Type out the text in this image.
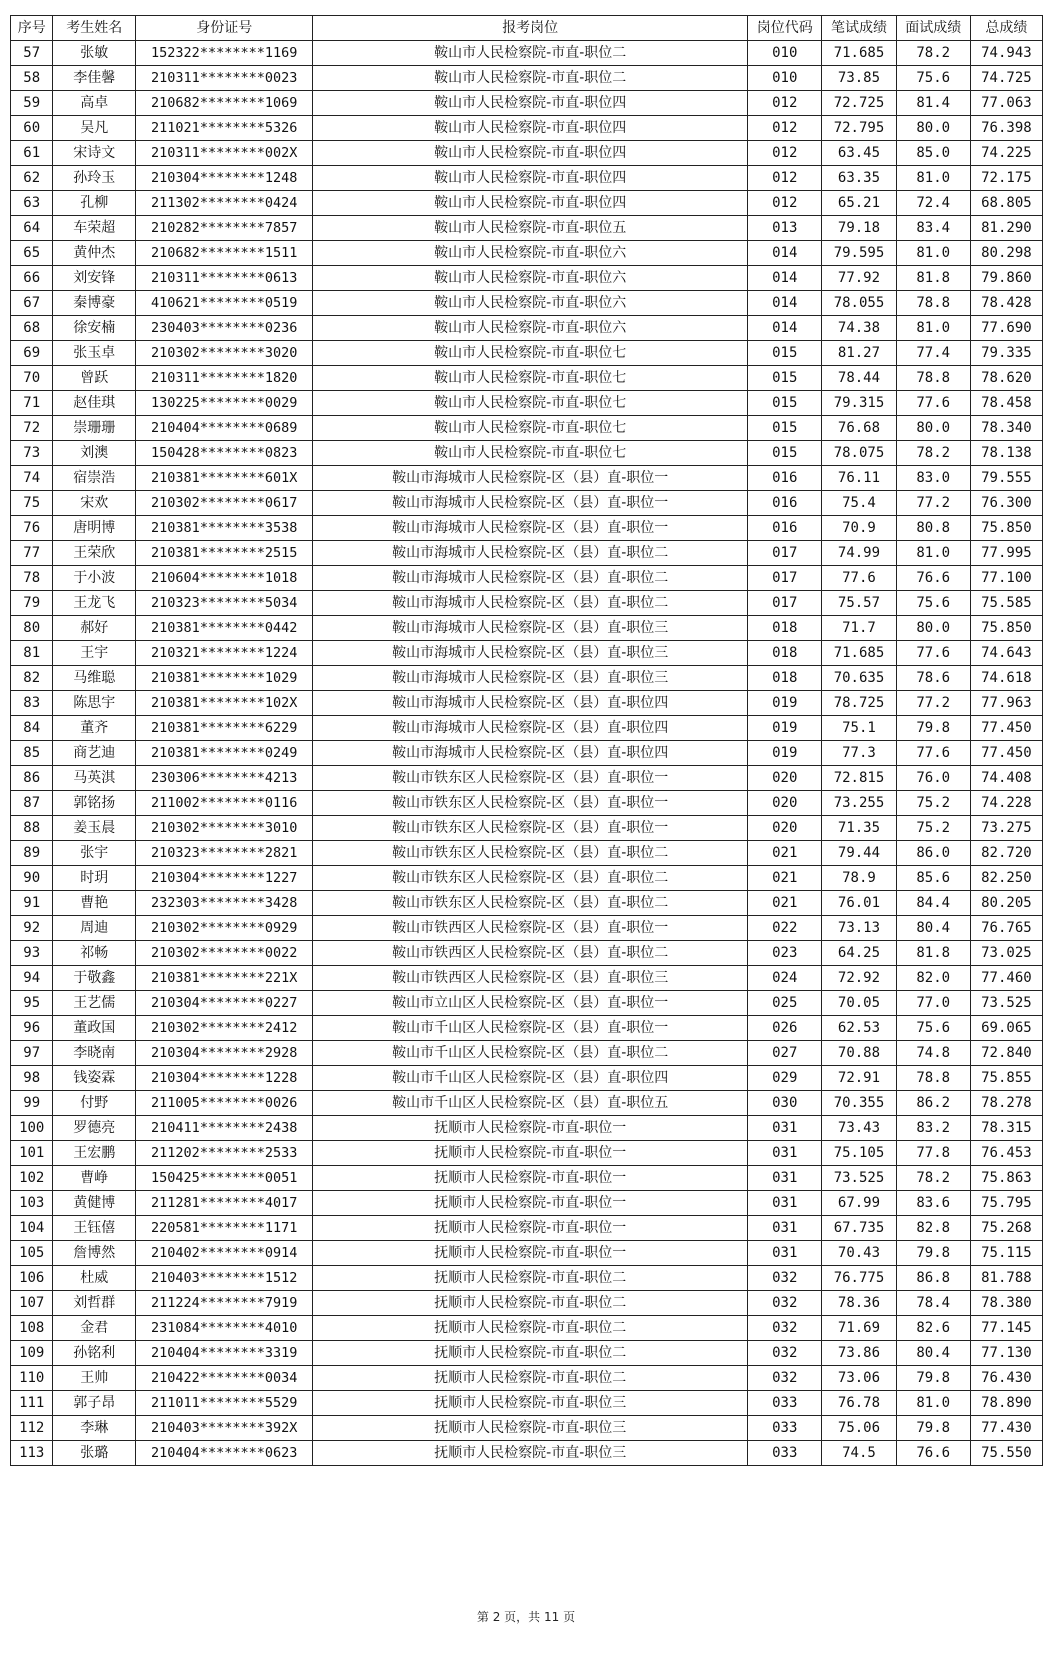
序号	考生姓名	身份证号	报考岗位	岗位代码	笔试成绩	面试成绩	总成绩
57	张敏	152322********1169	鞍山市人民检察院-市直-职位二	010	71.685	78.2	74.943
58	李佳馨	210311********0023	鞍山市人民检察院-市直-职位二	010	73.85	75.6	74.725
59	高卓	210682********1069	鞍山市人民检察院-市直-职位四	012	72.725	81.4	77.063
60	吴凡	211021********5326	鞍山市人民检察院-市直-职位四	012	72.795	80.0	76.398
61	宋诗文	210311********002X	鞍山市人民检察院-市直-职位四	012	63.45	85.0	74.225
62	孙玲玉	210304********1248	鞍山市人民检察院-市直-职位四	012	63.35	81.0	72.175
63	孔柳	211302********0424	鞍山市人民检察院-市直-职位四	012	65.21	72.4	68.805
64	车荣超	210282********7857	鞍山市人民检察院-市直-职位五	013	79.18	83.4	81.290
65	黄仲杰	210682********1511	鞍山市人民检察院-市直-职位六	014	79.595	81.0	80.298
66	刘安锋	210311********0613	鞍山市人民检察院-市直-职位六	014	77.92	81.8	79.860
67	秦博豪	410621********0519	鞍山市人民检察院-市直-职位六	014	78.055	78.8	78.428
68	徐安楠	230403********0236	鞍山市人民检察院-市直-职位六	014	74.38	81.0	77.690
69	张玉卓	210302********3020	鞍山市人民检察院-市直-职位七	015	81.27	77.4	79.335
70	曾跃	210311********1820	鞍山市人民检察院-市直-职位七	015	78.44	78.8	78.620
71	赵佳琪	130225********0029	鞍山市人民检察院-市直-职位七	015	79.315	77.6	78.458
72	崇珊珊	210404********0689	鞍山市人民检察院-市直-职位七	015	76.68	80.0	78.340
73	刘澳	150428********0823	鞍山市人民检察院-市直-职位七	015	78.075	78.2	78.138
74	宿崇浩	210381********601X	鞍山市海城市人民检察院-区（县）直-职位一	016	76.11	83.0	79.555
75	宋欢	210302********0617	鞍山市海城市人民检察院-区（县）直-职位一	016	75.4	77.2	76.300
76	唐明博	210381********3538	鞍山市海城市人民检察院-区（县）直-职位一	016	70.9	80.8	75.850
77	王荣欣	210381********2515	鞍山市海城市人民检察院-区（县）直-职位二	017	74.99	81.0	77.995
78	于小波	210604********1018	鞍山市海城市人民检察院-区（县）直-职位二	017	77.6	76.6	77.100
79	王龙飞	210323********5034	鞍山市海城市人民检察院-区（县）直-职位二	017	75.57	75.6	75.585
80	郝好	210381********0442	鞍山市海城市人民检察院-区（县）直-职位三	018	71.7	80.0	75.850
81	王宇	210321********1224	鞍山市海城市人民检察院-区（县）直-职位三	018	71.685	77.6	74.643
82	马维聪	210381********1029	鞍山市海城市人民检察院-区（县）直-职位三	018	70.635	78.6	74.618
83	陈思宇	210381********102X	鞍山市海城市人民检察院-区（县）直-职位四	019	78.725	77.2	77.963
84	董齐	210381********6229	鞍山市海城市人民检察院-区（县）直-职位四	019	75.1	79.8	77.450
85	商艺迪	210381********0249	鞍山市海城市人民检察院-区（县）直-职位四	019	77.3	77.6	77.450
86	马英淇	230306********4213	鞍山市铁东区人民检察院-区（县）直-职位一	020	72.815	76.0	74.408
87	郭铭扬	211002********0116	鞍山市铁东区人民检察院-区（县）直-职位一	020	73.255	75.2	74.228
88	姜玉晨	210302********3010	鞍山市铁东区人民检察院-区（县）直-职位一	020	71.35	75.2	73.275
89	张宇	210323********2821	鞍山市铁东区人民检察院-区（县）直-职位二	021	79.44	86.0	82.720
90	时玥	210304********1227	鞍山市铁东区人民检察院-区（县）直-职位二	021	78.9	85.6	82.250
91	曹艳	232303********3428	鞍山市铁东区人民检察院-区（县）直-职位二	021	76.01	84.4	80.205
92	周迪	210302********0929	鞍山市铁西区人民检察院-区（县）直-职位一	022	73.13	80.4	76.765
93	祁畅	210302********0022	鞍山市铁西区人民检察院-区（县）直-职位二	023	64.25	81.8	73.025
94	于敬鑫	210381********221X	鞍山市铁西区人民检察院-区（县）直-职位三	024	72.92	82.0	77.460
95	王艺儒	210304********0227	鞍山市立山区人民检察院-区（县）直-职位一	025	70.05	77.0	73.525
96	董政国	210302********2412	鞍山市千山区人民检察院-区（县）直-职位一	026	62.53	75.6	69.065
97	李晓南	210304********2928	鞍山市千山区人民检察院-区（县）直-职位二	027	70.88	74.8	72.840
98	钱姿霖	210304********1228	鞍山市千山区人民检察院-区（县）直-职位四	029	72.91	78.8	75.855
99	付野	211005********0026	鞍山市千山区人民检察院-区（县）直-职位五	030	70.355	86.2	78.278
100	罗德亮	210411********2438	抚顺市人民检察院-市直-职位一	031	73.43	83.2	78.315
101	王宏鹏	211202********2533	抚顺市人民检察院-市直-职位一	031	75.105	77.8	76.453
102	曹峥	150425********0051	抚顺市人民检察院-市直-职位一	031	73.525	78.2	75.863
103	黄健博	211281********4017	抚顺市人民检察院-市直-职位一	031	67.99	83.6	75.795
104	王钰僖	220581********1171	抚顺市人民检察院-市直-职位一	031	67.735	82.8	75.268
105	詹博然	210402********0914	抚顺市人民检察院-市直-职位一	031	70.43	79.8	75.115
106	杜威	210403********1512	抚顺市人民检察院-市直-职位二	032	76.775	86.8	81.788
107	刘哲群	211224********7919	抚顺市人民检察院-市直-职位二	032	78.36	78.4	78.380
108	金君	231084********4010	抚顺市人民检察院-市直-职位二	032	71.69	82.6	77.145
109	孙铭利	210404********3319	抚顺市人民检察院-市直-职位二	032	73.86	80.4	77.130
110	王帅	210422********0034	抚顺市人民检察院-市直-职位二	032	73.06	79.8	76.430
111	郭子昂	211011********5529	抚顺市人民检察院-市直-职位三	033	76.78	81.0	78.890
112	李琳	210403********392X	抚顺市人民检察院-市直-职位三	033	75.06	79.8	77.430
113	张璐	210404********0623	抚顺市人民检察院-市直-职位三	033	74.5	76.6	75.550
第 2 页，共 11 页
